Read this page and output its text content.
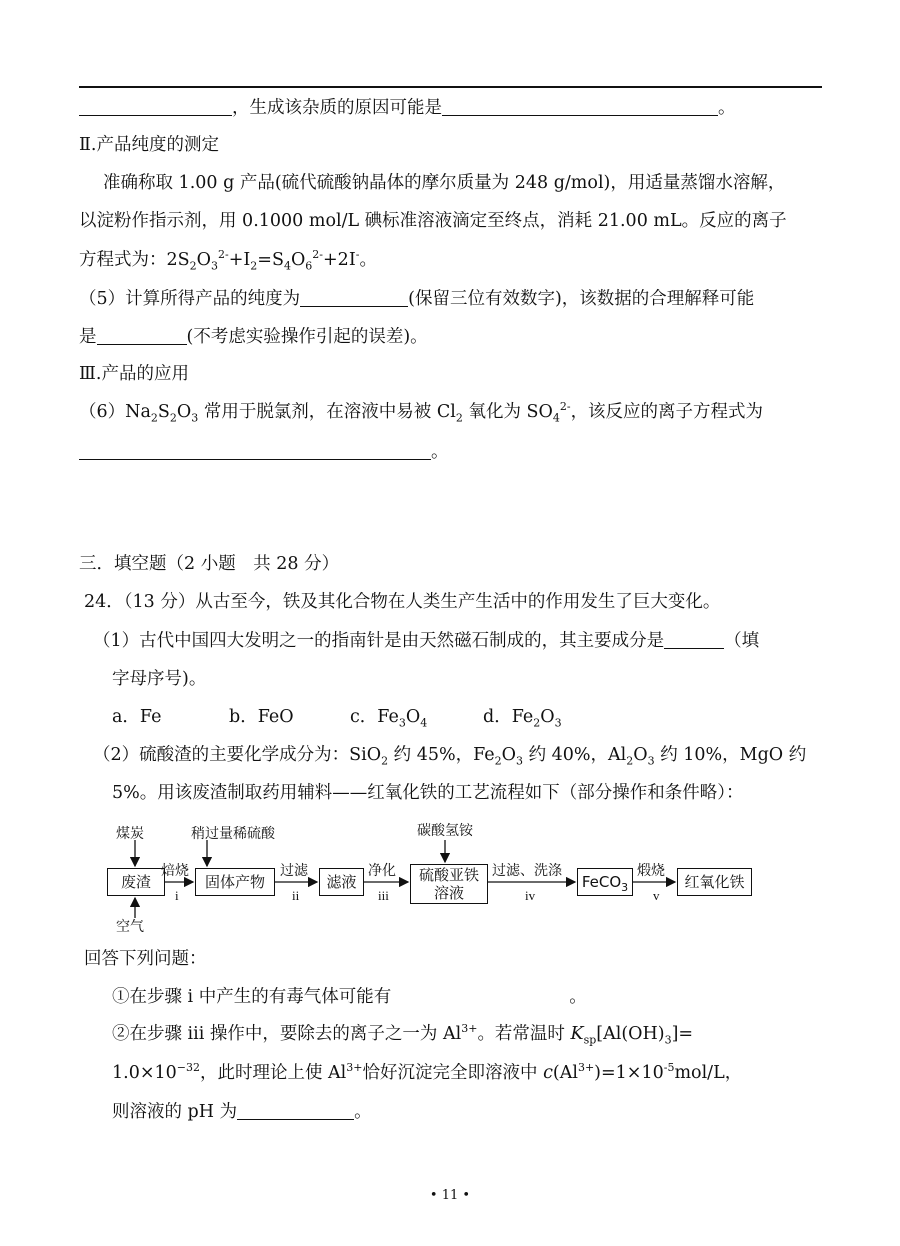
，生成该杂质的原因可能是	。
Ⅱ.产品纯度的测定
准确称取 1.00 g 产品(硫代硫酸钠晶体的摩尔质量为 248 g/mol)，用适量蒸馏水溶解，
以淀粉作指示剂，用 0.1000 mol/L 碘标准溶液滴定至终点，消耗 21.00 mL。反应的离子
方程式为：$2S_2O_3^{2-}+I_2=S_4O_6^{2-}+2I^-$。
（5）计算所得产品的纯度为	(保留三位有效数字)，该数据的合理解释可能
是	(不考虑实验操作引起的误差)。
Ⅲ.产品的应用
$(6)Na_2S_2O_3$ 常用于脱氯剂，在溶液中易被 $Cl_2$ 氧化为 $SO_4^{2-}$，该反应的离子方程式为
。
三．填空题（2 小题　共 28 分）
24．（13 分）从古至今，铁及其化合物在人类生产生活中的作用发生了巨大变化。
（1）古代中国四大发明之一的指南针是由天然磁石制成的，其主要成分是	（填
字母序号)。
a．Fe	b．FeO	c．$Fe_3O_4$	d．$Fe_2O_3$
（2）硫酸渣的主要化学成分为：SiO$_2$ 约 45%，$Fe_2O_3$ 约 40%，$Al_2O_3$ 约 10%，MgO 约
5%。用该废渣制取药用辅料——红氧化铁的工艺流程如下（部分操作和条件略）：
煤炭	稍过量稀硫酸	碳酸氢铵
空气
废渣	固体产物	滤液	硫酸亚铁
溶液
FeCO$_3$	红氧化铁
焙烧	过滤	净化	过滤、洗涤	煅烧
i	ii	iii	iv	v
回答下列问题：
①在步骤 i 中产生的有毒气体可能有	。
②在步骤 iii 操作中，要除去的离子之一为 $Al^{3+}$。若常温时 $K_{sp}[Al(OH)_3]=$
$1.0\times 10^{-32}$，此时理论上使 $Al^{3+}$恰好沉淀完全即溶液中 $c(Al^{3+})=1\times 10^{-5}mol/L$，
则溶液的 pH 为	。
• 11 •
